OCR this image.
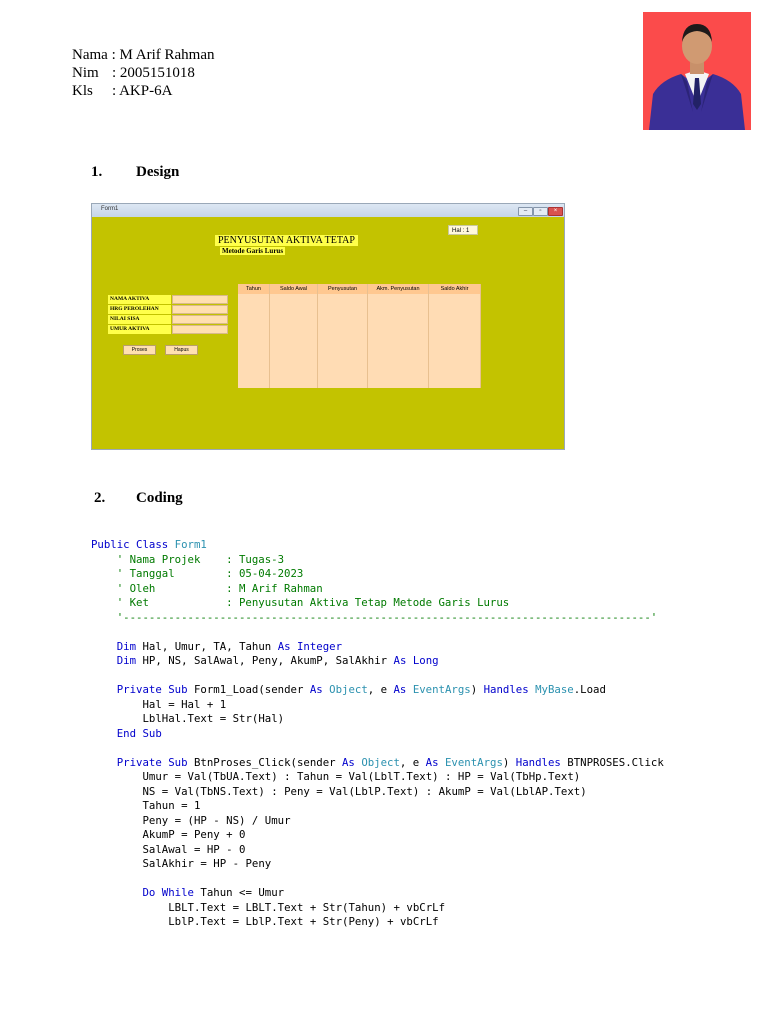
Nama : M Arif Rahman
Nim : 2005151018
Kls : AKP-6A
1. Design
Form1	–	▫	×
PENYUSUTAN AKTIVA TETAP
Metode Garis Lurus
Hal : 1
NAMA AKTIVA
HRG PEROLEHAN
NILAI SISA
UMUR AKTIVA
Proses	Hapus
Tahun	Saldo Awal	Penyusutan	Akm. Penyusutan	Saldo Akhir
2. Coding
Public Class Form1
' Nama Projek    : Tugas-3
' Tanggal        : 05-04-2023
' Oleh           : M Arif Rahman
' Ket            : Penyusutan Aktiva Tetap Metode Garis Lurus
'----------------------------------------------------------------------------------'

Dim Hal, Umur, TA, Tahun As Integer
Dim HP, NS, SalAwal, Peny, AkumP, SalAkhir As Long

Private Sub Form1_Load(sender As Object, e As EventArgs) Handles MyBase.Load
Hal = Hal + 1
LblHal.Text = Str(Hal)
End Sub

Private Sub BtnProses_Click(sender As Object, e As EventArgs) Handles BTNPROSES.Click
Umur = Val(TbUA.Text) : Tahun = Val(LblT.Text) : HP = Val(TbHp.Text)
NS = Val(TbNS.Text) : Peny = Val(LblP.Text) : AkumP = Val(LblAP.Text)
Tahun = 1
Peny = (HP - NS) / Umur
AkumP = Peny + 0
SalAwal = HP - 0
SalAkhir = HP - Peny

Do While Tahun <= Umur
LBLT.Text = LBLT.Text + Str(Tahun) + vbCrLf
LblP.Text = LblP.Text + Str(Peny) + vbCrLf
